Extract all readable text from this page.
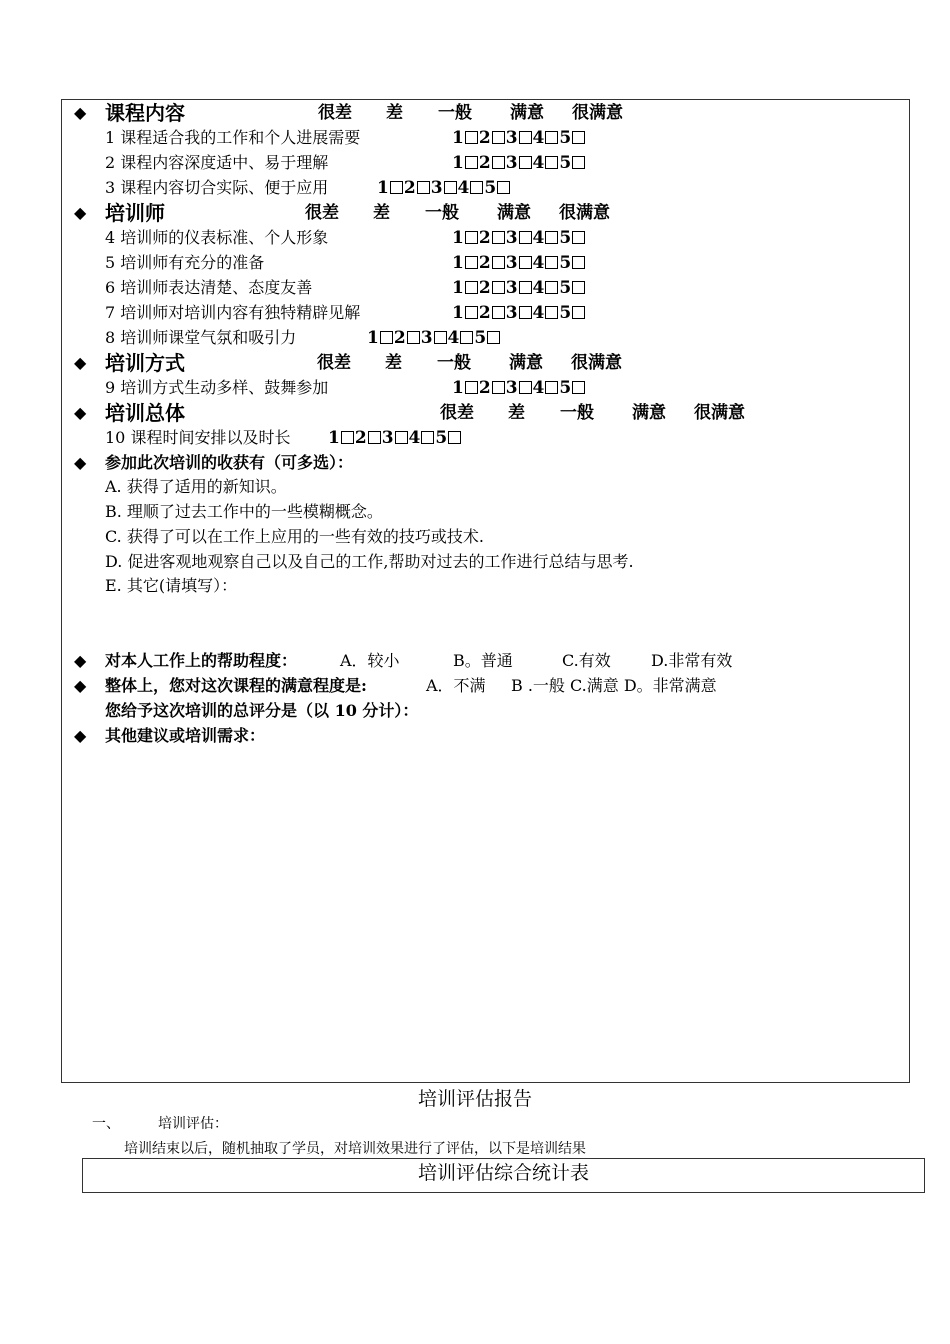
◆ 课程内容	很差 差 一般 满意 很满意
1 课程适合我的工作和个人进展需要	1 2 3 4 5
2 课程内容深度适中、易于理解	1 2 3 4 5
3 课程内容切合实际、便于应用	1 2 3 4 5
◆ 培训师	很差 差 一般 满意 很满意
4 培训师的仪表标准、个人形象	1 2 3 4 5
5 培训师有充分的准备	1 2 3 4 5
6 培训师表达清楚、态度友善	1 2 3 4 5
7 培训师对培训内容有独特精辟见解	1 2 3 4 5
8 培训师课堂气氛和吸引力	1 2 3 4 5
◆ 培训方式	很差 差 一般 满意 很满意
9 培训方式生动多样、鼓舞参加	1 2 3 4 5
◆ 培训总体	很差 差 一般 满意 很满意
10 课程时间安排以及时长 1 2 3 4 5
◆ 参加此次培训的收获有（可多选）：
A. 获得了适用的新知识。
B. 理顺了过去工作中的一些模糊概念。
C. 获得了可以在工作上应用的一些有效的技巧或技术.
D. 促进客观地观察自己以及自己的工作,帮助对过去的工作进行总结与思考.
E. 其它(请填写）：
◆ 对本人工作上的帮助程度：	A．较小	B。普通	C.有效	D.非常有效
◆ 整体上，您对这次课程的满意程度是:	A．不满     B .一般 C.满意 D。非常满意
您给予这次培训的总评分是（以 10 分计）：
◆ 其他建议或培训需求：
培训评估报告
一、	培训评估：
培训结束以后，随机抽取了学员，对培训效果进行了评估，以下是培训结果
培训评估综合统计表
